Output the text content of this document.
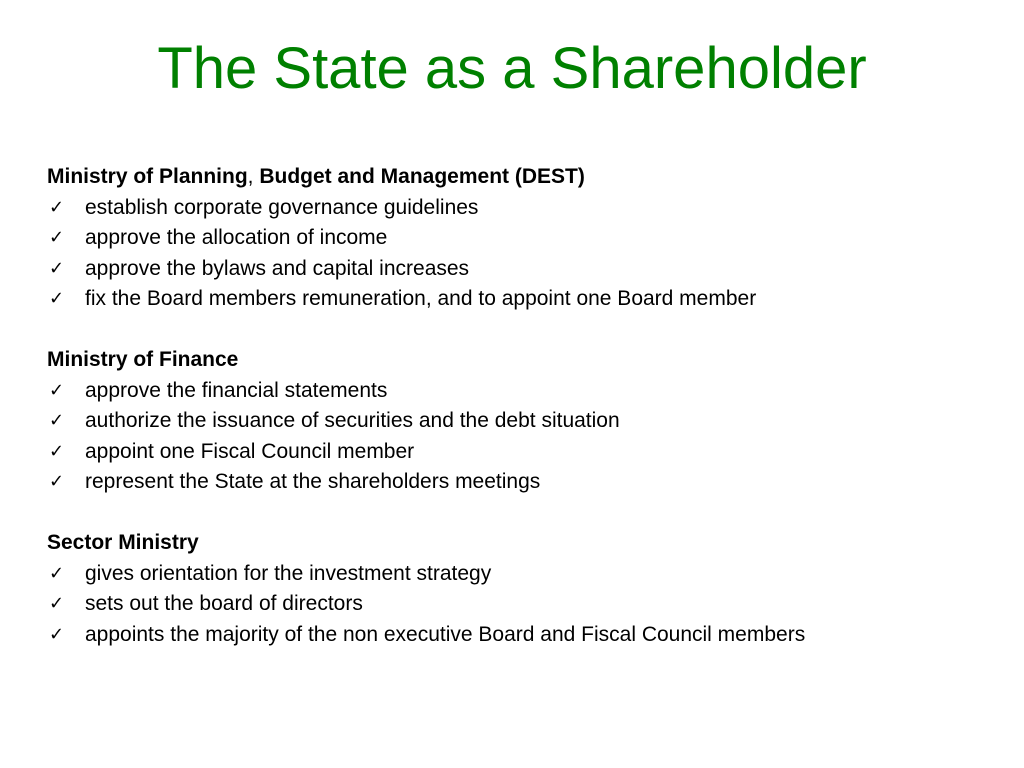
The State as a Shareholder

Ministry of Planning, Budget and Management (DEST)

✓ establish corporate governance guidelines

✓ approve the allocation of income

✓ approve the bylaws and capital increases

✓ fix the Board members remuneration, and to appoint one Board member

Ministry of Finance

✓ approve the financial statements

✓ authorize the issuance of securities and the debt situation

✓ appoint one Fiscal Council member

✓ represent the State at the shareholders meetings

Sector Ministry

✓ gives orientation for the investment strategy

✓ sets out the board of directors

✓ appoints the majority of the non executive Board and Fiscal Council members
